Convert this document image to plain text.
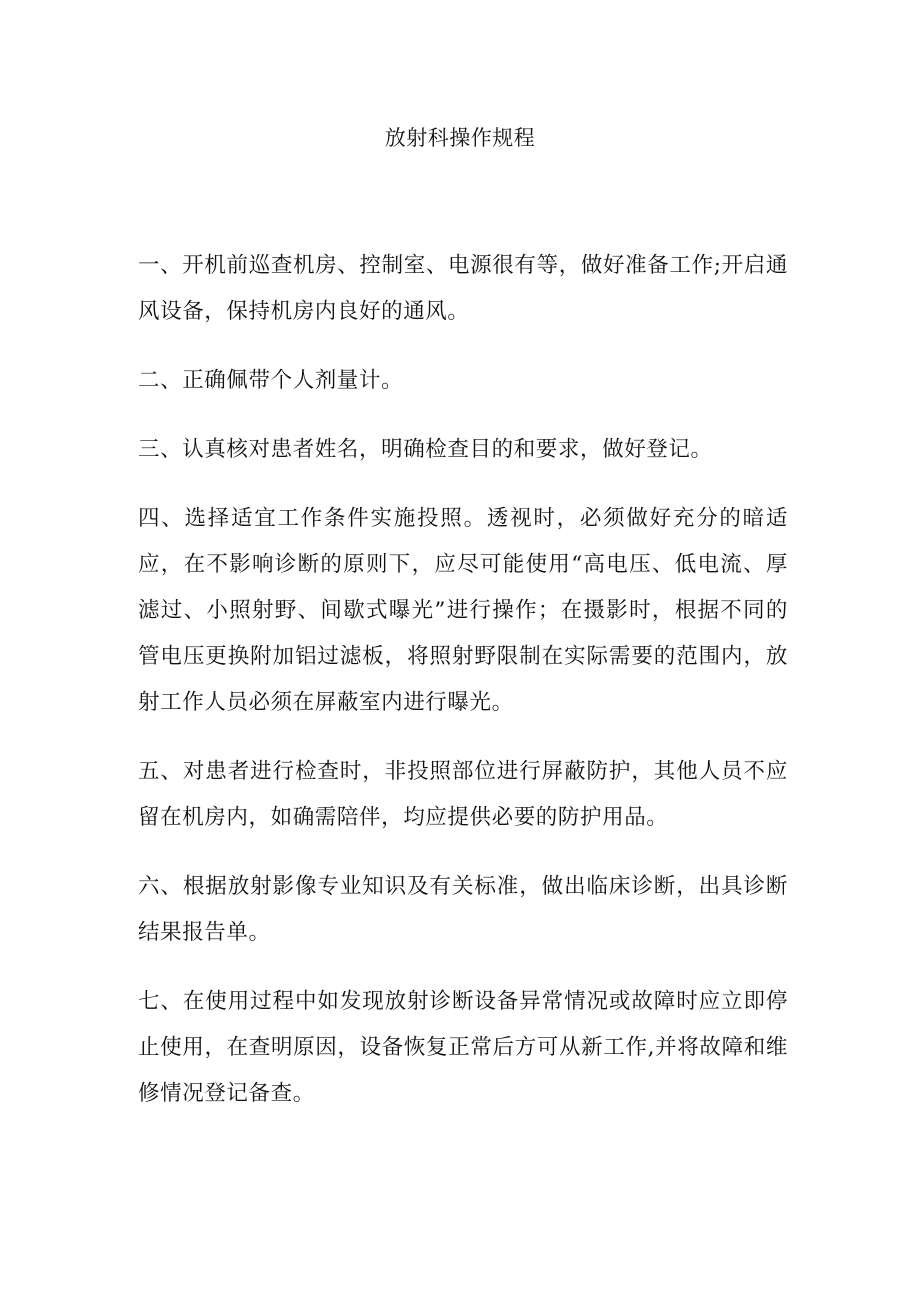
放射科操作规程

一、开机前巡查机房、控制室、电源很有等，做好准备工作;开启通风设备，保持机房内良好的通风。

二、正确佩带个人剂量计。

三、认真核对患者姓名，明确检查目的和要求，做好登记。

四、选择适宜工作条件实施投照。透视时，必须做好充分的暗适应，在不影响诊断的原则下，应尽可能使用“高电压、低电流、厚滤过、小照射野、间歇式曝光”进行操作；在摄影时，根据不同的管电压更换附加铝过滤板，将照射野限制在实际需要的范围内，放射工作人员必须在屏蔽室内进行曝光。

五、对患者进行检查时，非投照部位进行屏蔽防护，其他人员不应留在机房内，如确需陪伴，均应提供必要的防护用品。

六、根据放射影像专业知识及有关标准，做出临床诊断，出具诊断结果报告单。

七、在使用过程中如发现放射诊断设备异常情况或故障时应立即停止使用，在查明原因，设备恢复正常后方可从新工作,并将故障和维修情况登记备查。
